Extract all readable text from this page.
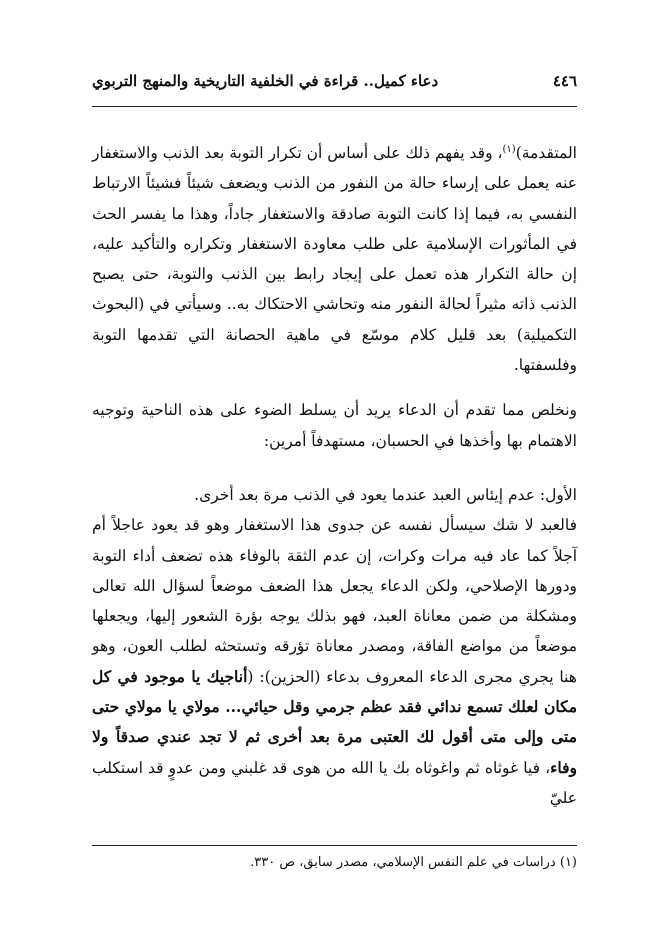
٤٤٦
دعاء كميل.. قراءة في الخلفية التاريخية والمنهج التربوي

المتقدمة)$^{(١)}$، وقد يفهم ذلك على أساس أن تكرار التوبة بعد الذنب والاستغفار عنه يعمل على إرساء حالة من النفور من الذنب ويضعف شيئاً فشيئاً الارتباط النفسي به، فيما إذا كانت التوبة صادقة والاستغفار جاداً، وهذا ما يفسر الحث في المأثورات الإسلامية على طلب معاودة الاستغفار وتكراره والتأكيد عليه، إن حالة التكرار هذه تعمل على إيجاد رابط بين الذنب والتوبة، حتى يصبح الذنب ذاته مثيراً لحالة النفور منه وتحاشي الاحتكاك به.. وسيأتي في (البحوث التكميلية) بعد قليل كلام موسّع في ماهية الحصانة التي تقدمها التوبة وفلسفتها.

ونخلص مما تقدم أن الدعاء يريد أن يسلط الضوء على هذه الناحية وتوجيه الاهتمام بها وأخذها في الحسبان، مستهدفاً أمرين:

الأول: عدم إيئاس العبد عندما يعود في الذنب مرة بعد أخرى.

فالعبد لا شك سيسأل نفسه عن جدوى هذا الاستغفار وهو قد يعود عاجلاً أم آجلاً كما عاد فيه مرات وكرات، إن عدم الثقة بالوفاء هذه تضعف أداء التوبة ودورها الإصلاحي، ولكن الدعاء يجعل هذا الضعف موضعاً لسؤال الله تعالى ومشكلة من ضمن معاناة العبد، فهو بذلك يوجه بؤرة الشعور إليها، ويجعلها موضعاً من مواضع الفاقة، ومصدر معاناة تؤرقه وتستحثه لطلب العون، وهو هنا يجري مجرى الدعاء المعروف بدعاء (الحزين): (أناجيك يا موجود في كل مكان لعلك تسمع ندائي فقد عظم جرمي وقل حيائي... مولاي يا مولاي حتى متى وإلى متى أقول لك العتبى مرة بعد أخرى ثم لا تجد عندي صدقاً ولا وفاء، فيا غوثاه ثم واغوثاه بك يا الله من هوى قد غلبني ومن عدوٍ قد استكلب عليّ

(١) دراسات في علم النفس الإسلامي، مصدر سابق، ص ٣٣٠.
